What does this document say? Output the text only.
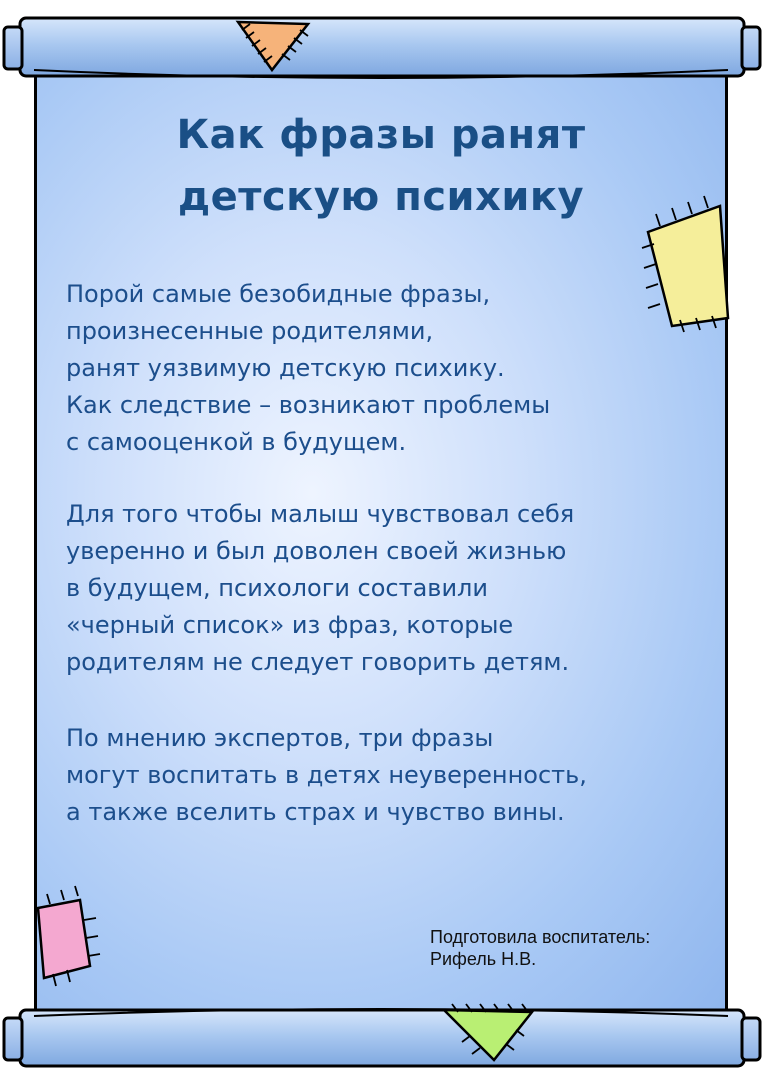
Как фразы ранят
детскую психику

Порой самые безобидные фразы,
произнесенные родителями,
ранят уязвимую детскую психику.
Как следствие – возникают проблемы
с самооценкой в будущем.

Для того чтобы малыш чувствовал себя
уверенно и был доволен своей жизнью
в будущем, психологи составили
«черный список» из фраз, которые
родителям не следует говорить детям.

По мнению экспертов, три фразы
могут воспитать в детях неуверенность,
а также вселить страх и чувство вины.

Подготовила воспитатель:
Рифель Н.В.
